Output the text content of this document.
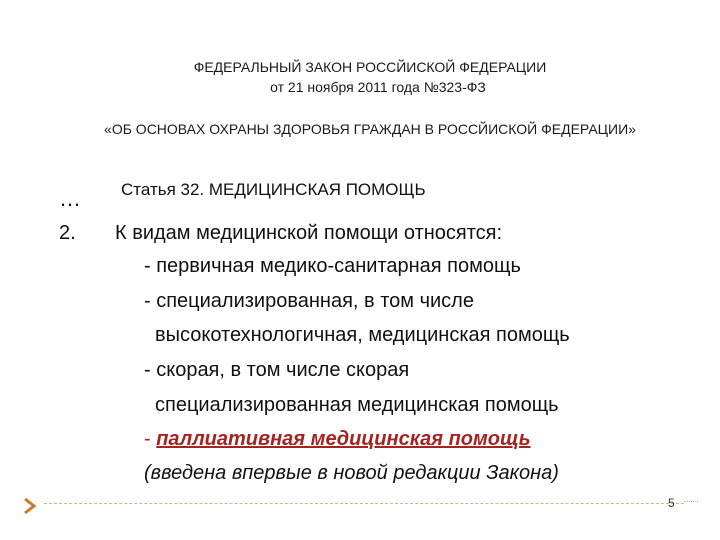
ФЕДЕРАЛЬНЫЙ ЗАКОН РОССЙИСКОЙ ФЕДЕРАЦИИ
от 21 ноября 2011 года №323-ФЗ
«ОБ ОСНОВАХ ОХРАНЫ ЗДОРОВЬЯ ГРАЖДАН В РОССЙИСКОЙ ФЕДЕРАЦИИ»
… Статья 32. МЕДИЦИНСКАЯ ПОМОЩЬ
2. К видам медицинской помощи относятся:
- первичная медико-санитарная помощь
- специализированная, в том числе
высокотехнологичная, медицинская помощь
- скорая, в том числе скорая
специализированная медицинская помощь
- паллиативная медицинская помощь
(введена впервые в новой редакции Закона)
5
